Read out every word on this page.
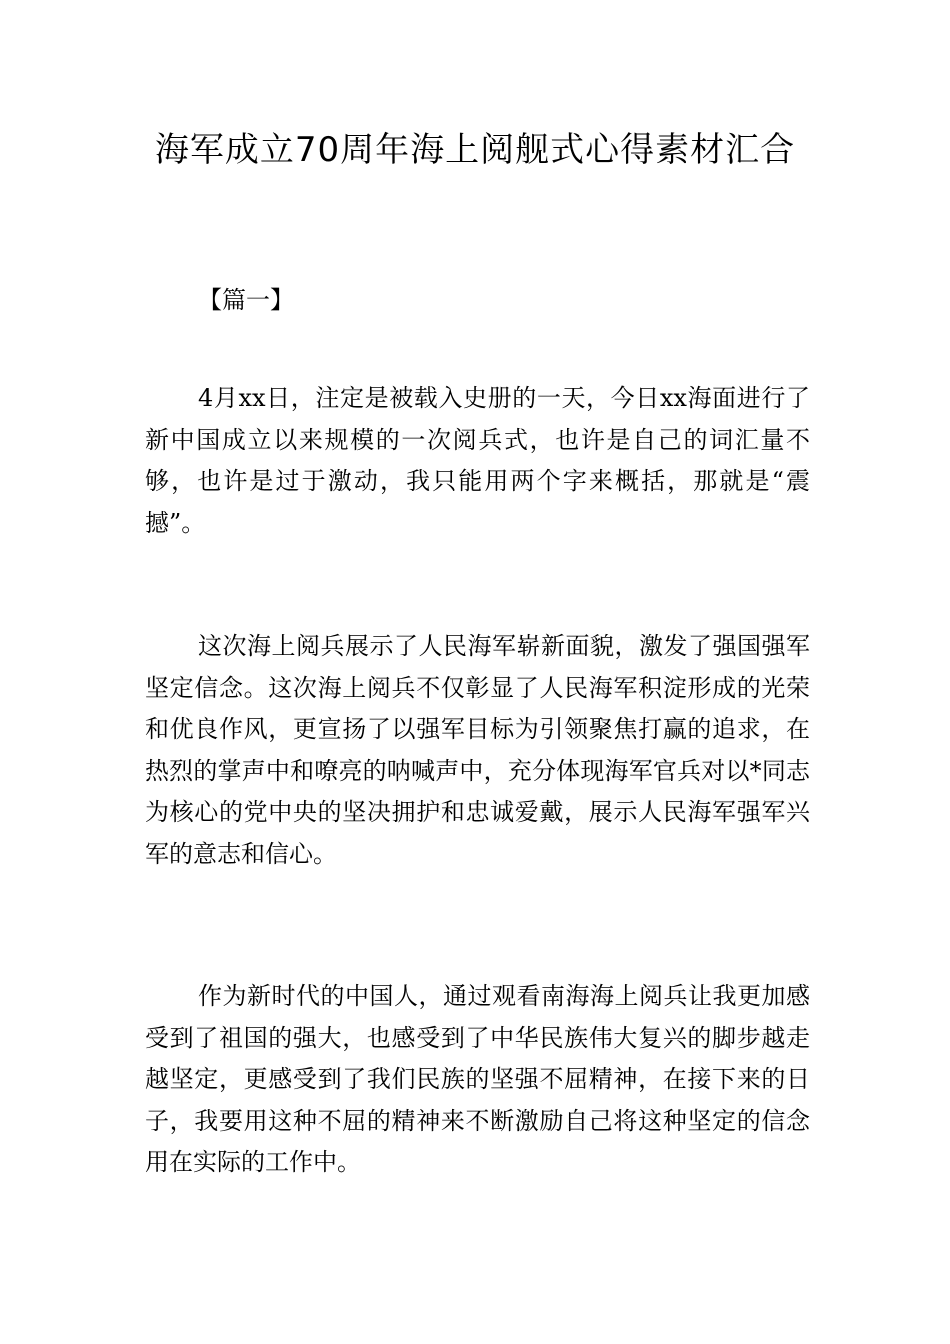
海军成立70周年海上阅舰式心得素材汇合

【篇一】

4月xx日，注定是被载入史册的一天，今日xx海面进行了新中国成立以来规模的一次阅兵式，也许是自己的词汇量不够，也许是过于激动，我只能用两个字来概括，那就是“震撼”。

这次海上阅兵展示了人民海军崭新面貌，激发了强国强军坚定信念。这次海上阅兵不仅彰显了人民海军积淀形成的光荣和优良作风，更宣扬了以强军目标为引领聚焦打赢的追求，在热烈的掌声中和嘹亮的呐喊声中，充分体现海军官兵对以*同志为核心的党中央的坚决拥护和忠诚爱戴，展示人民海军强军兴军的意志和信心。

作为新时代的中国人，通过观看南海海上阅兵让我更加感受到了祖国的强大，也感受到了中华民族伟大复兴的脚步越走越坚定，更感受到了我们民族的坚强不屈精神，在接下来的日子，我要用这种不屈的精神来不断激励自己将这种坚定的信念用在实际的工作中。
